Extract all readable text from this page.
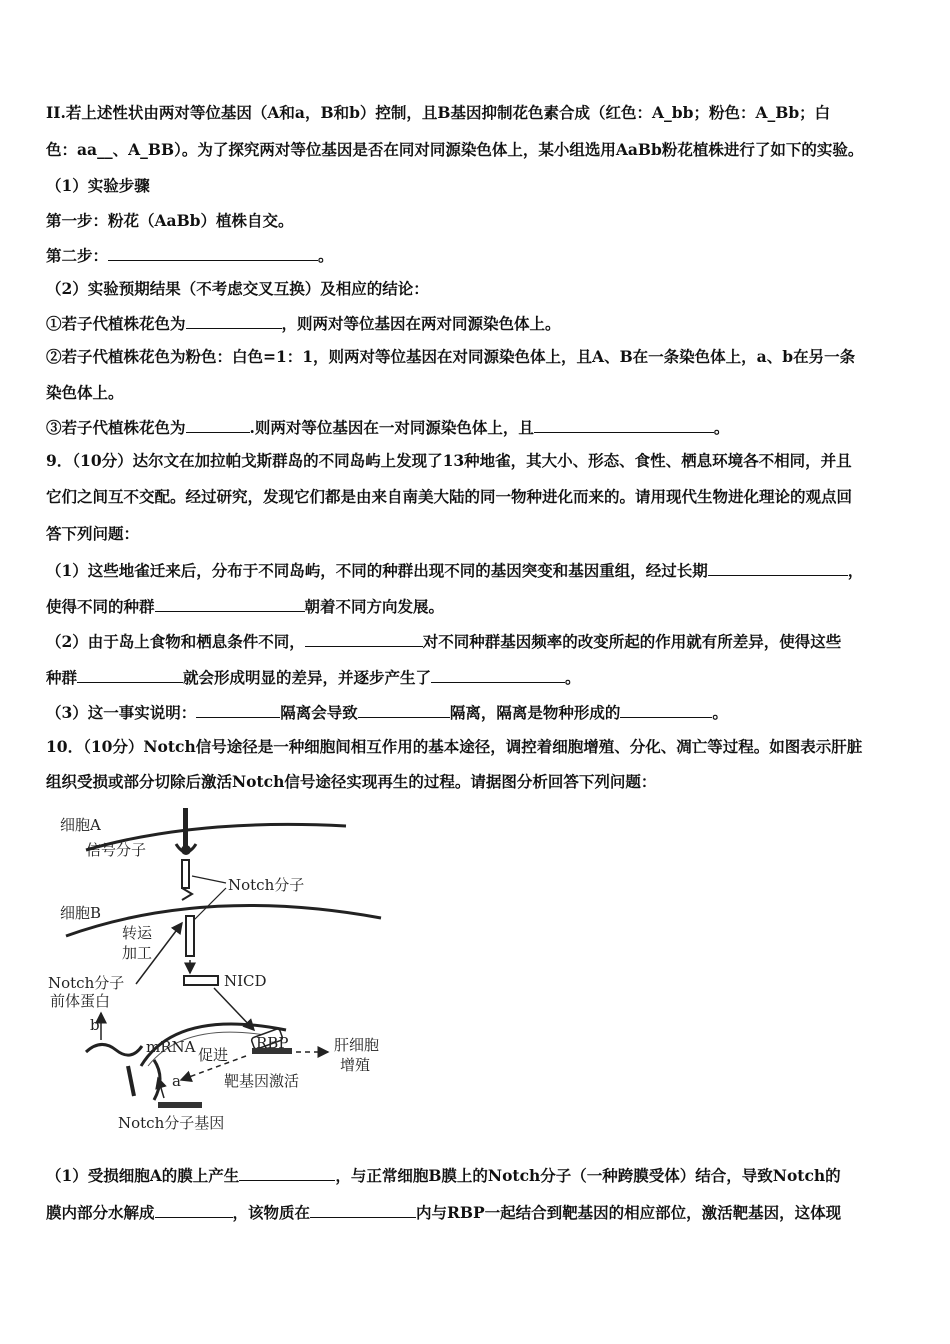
II.若上述性状由两对等位基因（A和a，B和b）控制，且B基因抑制花色素合成（红色：A_bb；粉色：A_Bb；白
色：aa__、A_BB）。为了探究两对等位基因是否在同对同源染色体上，某小组选用AaBb粉花植株进行了如下的实验。
（1）实验步骤
第一步：粉花（AaBb）植株自交。
第二步：	。
（2）实验预期结果（不考虑交叉互换）及相应的结论：
①若子代植株花色为	，则两对等位基因在两对同源染色体上。
②若子代植株花色为粉色：白色=1：1，则两对等位基因在对同源染色体上，且A、B在一条染色体上，a、b在另一条
染色体上。
③若子代植株花色为	.则两对等位基因在一对同源染色体上，且	。
9．（10分）达尔文在加拉帕戈斯群岛的不同岛屿上发现了13种地雀，其大小、形态、食性、栖息环境各不相同，并且
它们之间互不交配。经过研究，发现它们都是由来自南美大陆的同一物种进化而来的。请用现代生物进化理论的观点回
答下列问题：
（1）这些地雀迁来后，分布于不同岛屿，不同的种群出现不同的基因突变和基因重组，经过长期	，
使得不同的种群	朝着不同方向发展。
（2）由于岛上食物和栖息条件不同，	对不同种群基因频率的改变所起的作用就有所差异，使得这些
种群	就会形成明显的差异，并逐步产生了	。
（3）这一事实说明：	隔离会导致	隔离，隔离是物种形成的	。
10．（10分）Notch信号途径是一种细胞间相互作用的基本途径，调控着细胞增殖、分化、凋亡等过程。如图表示肝脏
组织受损或部分切除后激活Notch信号途径实现再生的过程。请据图分析回答下列问题：
细胞A
信号分子
Notch分子
细胞B
转运
加工
Notch分子
前体蛋白
NICD
b
mRNA 促进
RBP	肝细胞
增殖
a	靶基因激活
Notch分子基因
（1）受损细胞A的膜上产生	，与正常细胞B膜上的Notch分子（一种跨膜受体）结合，导致Notch的
膜内部分水解成	，该物质在	内与RBP一起结合到靶基因的相应部位，激活靶基因，这体现
